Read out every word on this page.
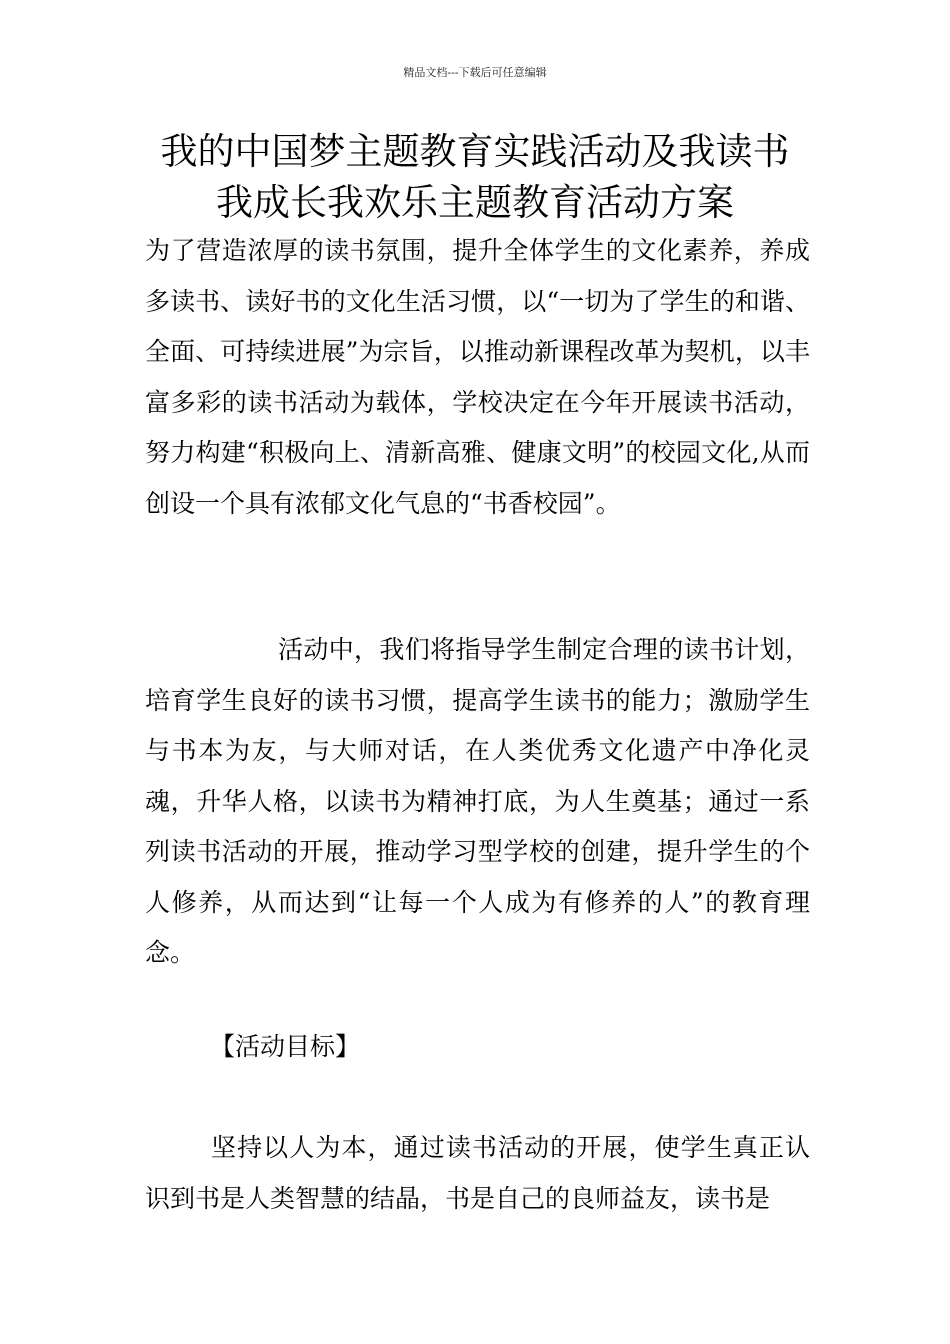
精品文档---下载后可任意编辑
我的中国梦主题教育实践活动及我读书
我成长我欢乐主题教育活动方案

为了营造浓厚的读书氛围，提升全体学生的文化素养，养成多读书、读好书的文化生活习惯，以“一切为了学生的和谐、全面、可持续进展”为宗旨，以推动新课程改革为契机，以丰富多彩的读书活动为载体，学校决定在今年开展读书活动，努力构建“积极向上、清新高雅、健康文明”的校园文化,从而创设一个具有浓郁文化气息的“书香校园”。

活动中，我们将指导学生制定合理的读书计划，培育学生良好的读书习惯，提高学生读书的能力；激励学生与书本为友，与大师对话，在人类优秀文化遗产中净化灵魂，升华人格，以读书为精神打底，为人生奠基；通过一系列读书活动的开展，推动学习型学校的创建，提升学生的个人修养，从而达到“让每一个人成为有修养的人”的教育理念。

【活动目标】

坚持以人为本，通过读书活动的开展，使学生真正认识到书是人类智慧的结晶，书是自己的良师益友，读书是
